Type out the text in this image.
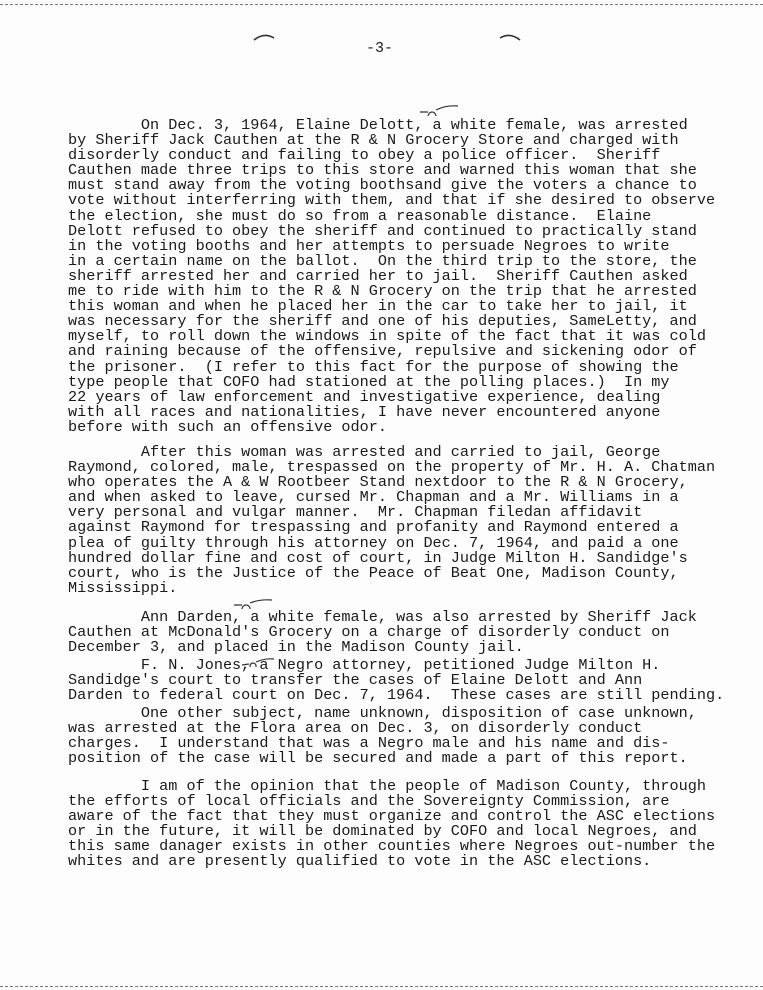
-3-
On Dec. 3, 1964, Elaine Delott, a white female, was arrested
by Sheriff Jack Cauthen at the R & N Grocery Store and charged with
disorderly conduct and failing to obey a police officer.  Sheriff
Cauthen made three trips to this store and warned this woman that she
must stand away from the voting boothsand give the voters a chance to
vote without interferring with them, and that if she desired to observe
the election, she must do so from a reasonable distance.  Elaine
Delott refused to obey the sheriff and continued to practically stand
in the voting booths and her attempts to persuade Negroes to write
in a certain name on the ballot.  On the third trip to the store, the
sheriff arrested her and carried her to jail.  Sheriff Cauthen asked
me to ride with him to the R & N Grocery on the trip that he arrested
this woman and when he placed her in the car to take her to jail, it
was necessary for the sheriff and one of his deputies, SameLetty, and
myself, to roll down the windows in spite of the fact that it was cold
and raining because of the offensive, repulsive and sickening odor of
the prisoner.  (I refer to this fact for the purpose of showing the
type people that COFO had stationed at the polling places.)  In my
22 years of law enforcement and investigative experience, dealing
with all races and nationalities, I have never encountered anyone
before with such an offensive odor.
After this woman was arrested and carried to jail, George
Raymond, colored, male, trespassed on the property of Mr. H. A. Chatman
who operates the A & W Rootbeer Stand nextdoor to the R & N Grocery,
and when asked to leave, cursed Mr. Chapman and a Mr. Williams in a
very personal and vulgar manner.  Mr. Chapman filedan affidavit
against Raymond for trespassing and profanity and Raymond entered a
plea of guilty through his attorney on Dec. 7, 1964, and paid a one
hundred dollar fine and cost of court, in Judge Milton H. Sandidge's
court, who is the Justice of the Peace of Beat One, Madison County,
Mississippi.
Ann Darden, a white female, was also arrested by Sheriff Jack
Cauthen at McDonald's Grocery on a charge of disorderly conduct on
December 3, and placed in the Madison County jail.
F. N. Jones, a Negro attorney, petitioned Judge Milton H.
Sandidge's court to transfer the cases of Elaine Delott and Ann
Darden to federal court on Dec. 7, 1964.  These cases are still pending.
One other subject, name unknown, disposition of case unknown,
was arrested at the Flora area on Dec. 3, on disorderly conduct
charges.  I understand that was a Negro male and his name and dis-
position of the case will be secured and made a part of this report.
I am of the opinion that the people of Madison County, through
the efforts of local officials and the Sovereignty Commission, are
aware of the fact that they must organize and control the ASC elections
or in the future, it will be dominated by COFO and local Negroes, and
this same danager exists in other counties where Negroes out-number the
whites and are presently qualified to vote in the ASC elections.
